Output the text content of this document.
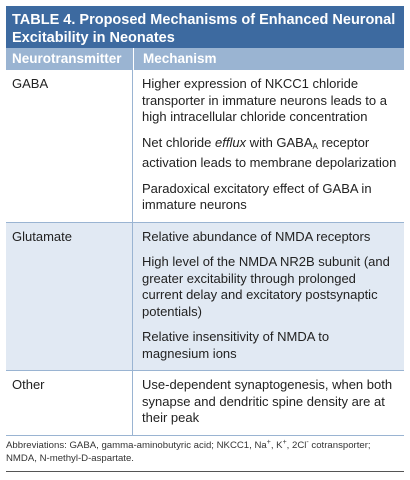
TABLE 4. Proposed Mechanisms of Enhanced Neuronal Excitability in Neonates
Neurotransmitter	Mechanism
GABA	Higher expression of NKCC1 chloride transporter in immature neurons leads to a high intracellular chloride concentration

Net chloride efflux with $GABA_A$ receptor activation leads to membrane depolarization

Paradoxical excitatory effect of GABA in immature neurons

Glutamate	Relative abundance of NMDA receptors

High level of the NMDA NR2B subunit (and greater excitability through prolonged current delay and excitatory postsynaptic potentials)

Relative insensitivity of NMDA to magnesium ions

Other	Use-dependent synaptogenesis, when both synapse and dendritic spine density are at their peak

Abbreviations: GABA, gamma-aminobutyric acid; NKCC1, Na+, K+, 2Cl- cotransporter; NMDA, N-methyl-D-aspartate.
